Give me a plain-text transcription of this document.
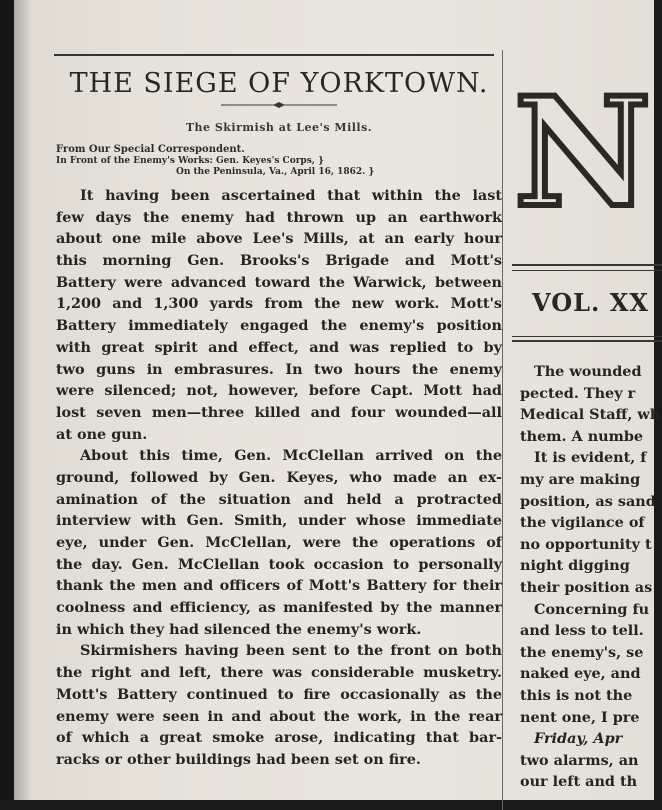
THE SIEGE OF YORKTOWN.
The Skirmish at Lee's Mills.
From Our Special Correspondent.
In Front of the Enemy's Works: Gen. Keyes's Corps, }
On the Peninsula, Va., April 16, 1862. }
It having been ascertained that within the last
few days the enemy had thrown up an earthwork
about one mile above Lee's Mills, at an early hour
this morning Gen. Brooks's Brigade and Mott's
Battery were advanced toward the Warwick, between
1,200 and 1,300 yards from the new work. Mott's
Battery immediately engaged the enemy's position
with great spirit and effect, and was replied to by
two guns in embrasures. In two hours the enemy
were silenced; not, however, before Capt. Mott had
lost seven men—three killed and four wounded—all
at one gun.
About this time, Gen. McClellan arrived on the
ground, followed by Gen. Keyes, who made an ex-
amination of the situation and held a protracted
interview with Gen. Smith, under whose immediate
eye, under Gen. McClellan, were the operations of
the day. Gen. McClellan took occasion to personally
thank the men and officers of Mott's Battery for their
coolness and efficiency, as manifested by the manner
in which they had silenced the enemy's work.
Skirmishers having been sent to the front on both
the right and left, there was considerable musketry.
Mott's Battery continued to fire occasionally as the
enemy were seen in and about the work, in the rear
of which a great smoke arose, indicating that bar-
racks or other buildings had been set on fire.
N
VOL. XX
The wounded
pected. They r
Medical Staff, wh
them. A numbe
It is evident, f
my are making
position, as sand
the vigilance of
no opportunity t
night digging
their position as
Concerning fu
and less to tell.
the enemy's, se
naked eye, and
this is not the
nent one, I pre
Friday, Apr
two alarms, an
our left and th
